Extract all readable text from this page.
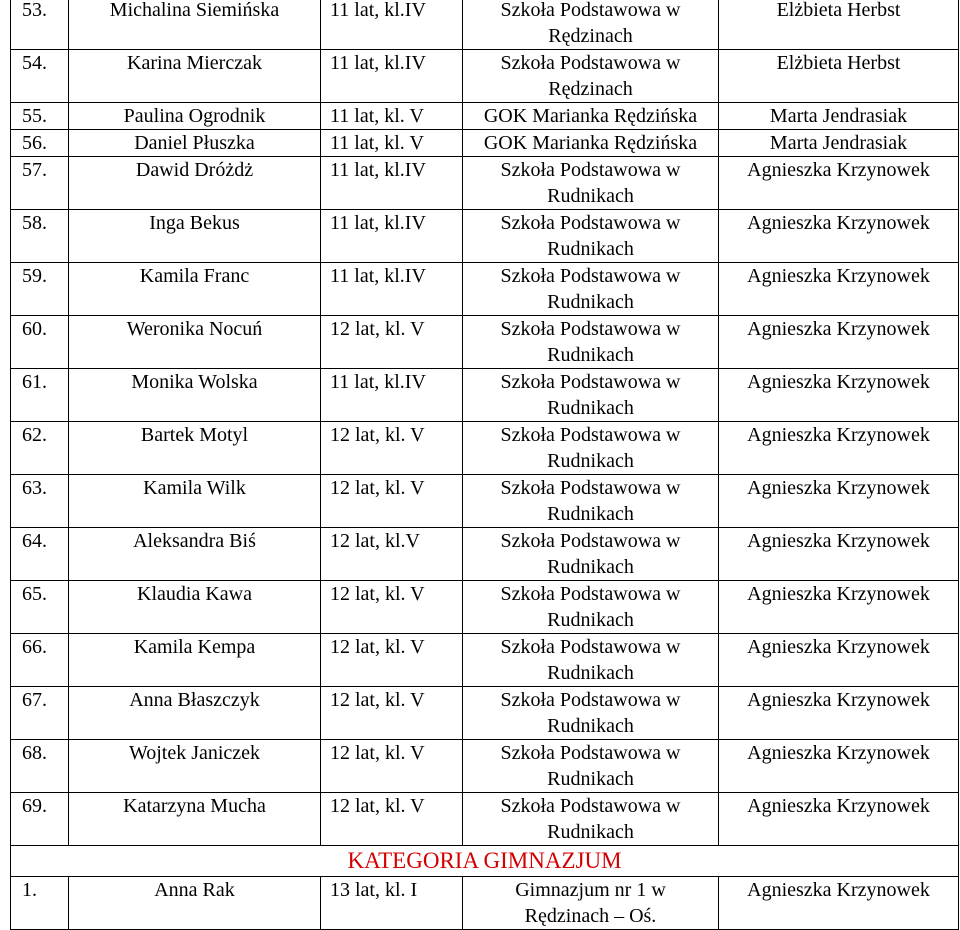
53.	Michalina Siemińska	11 lat, kl.IV	Szkoła Podstawowa w
Rędzinach	Elżbieta Herbst
54.	Karina Mierczak	11 lat, kl.IV	Szkoła Podstawowa w
Rędzinach	Elżbieta Herbst
55.	Paulina Ogrodnik	11 lat, kl. V	GOK Marianka Rędzińska	Marta Jendrasiak
56.	Daniel Płuszka	11 lat, kl. V	GOK Marianka Rędzińska	Marta Jendrasiak
57.	Dawid Dróżdż	11 lat, kl.IV	Szkoła Podstawowa w
Rudnikach	Agnieszka Krzynowek
58.	Inga Bekus	11 lat, kl.IV	Szkoła Podstawowa w
Rudnikach	Agnieszka Krzynowek
59.	Kamila Franc	11 lat, kl.IV	Szkoła Podstawowa w
Rudnikach	Agnieszka Krzynowek
60.	Weronika Nocuń	12 lat, kl. V	Szkoła Podstawowa w
Rudnikach	Agnieszka Krzynowek
61.	Monika Wolska	11 lat, kl.IV	Szkoła Podstawowa w
Rudnikach	Agnieszka Krzynowek
62.	Bartek Motyl	12 lat, kl. V	Szkoła Podstawowa w
Rudnikach	Agnieszka Krzynowek
63.	Kamila Wilk	12 lat, kl. V	Szkoła Podstawowa w
Rudnikach	Agnieszka Krzynowek
64.	Aleksandra Biś	12 lat, kl.V	Szkoła Podstawowa w
Rudnikach	Agnieszka Krzynowek
65.	Klaudia Kawa	12 lat, kl. V	Szkoła Podstawowa w
Rudnikach	Agnieszka Krzynowek
66.	Kamila Kempa	12 lat, kl. V	Szkoła Podstawowa w
Rudnikach	Agnieszka Krzynowek
67.	Anna Błaszczyk	12 lat, kl. V	Szkoła Podstawowa w
Rudnikach	Agnieszka Krzynowek
68.	Wojtek Janiczek	12 lat, kl. V	Szkoła Podstawowa w
Rudnikach	Agnieszka Krzynowek
69.	Katarzyna Mucha	12 lat, kl. V	Szkoła Podstawowa w
Rudnikach	Agnieszka Krzynowek
KATEGORIA GIMNAZJUM				
1.	Anna Rak	13 lat, kl. I	Gimnazjum nr 1 w
Rędzinach – Oś.	Agnieszka Krzynowek
